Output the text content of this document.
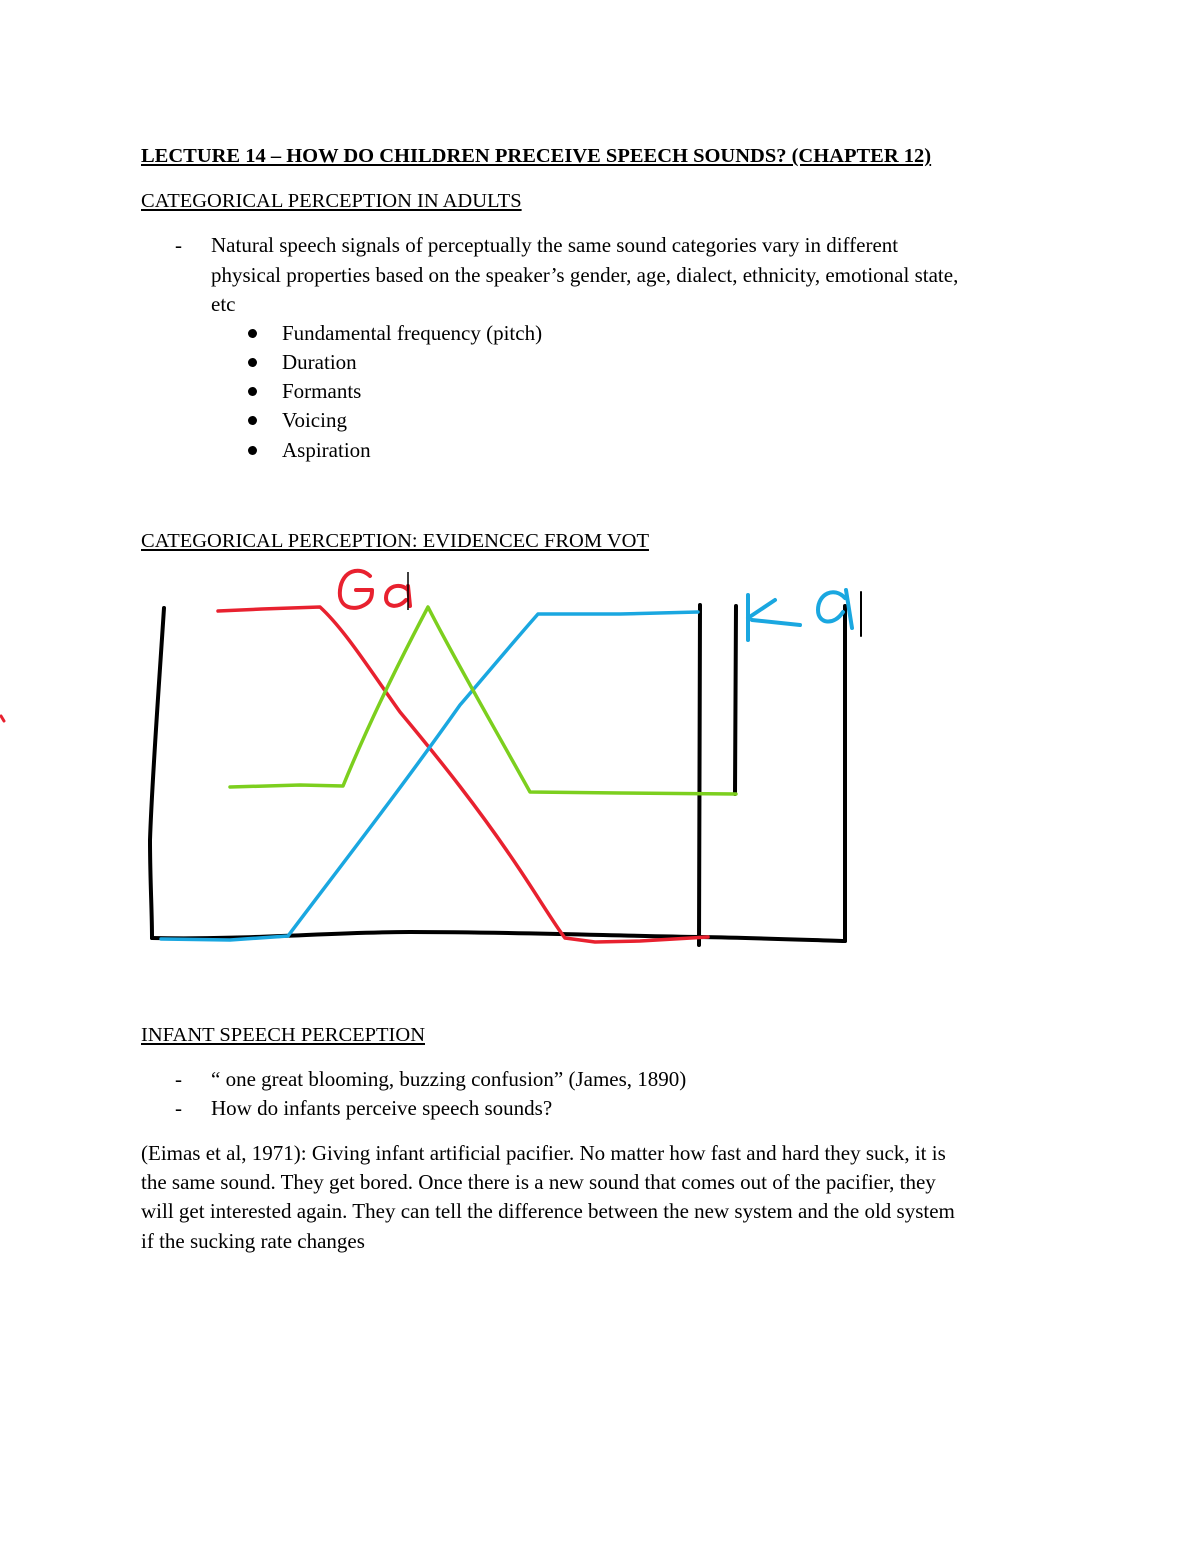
LECTURE 14 – HOW DO CHILDREN PRECEIVE SPEECH SOUNDS? (CHAPTER 12)
CATEGORICAL PERCEPTION IN ADULTS
- Natural speech signals of perceptually the same sound categories vary in different
physical properties based on the speaker’s gender, age, dialect, ethnicity, emotional state,
etc
Fundamental frequency (pitch)
Duration
Formants
Voicing
Aspiration
CATEGORICAL PERCEPTION: EVIDENCEC FROM VOT
INFANT SPEECH PERCEPTION
- “ one great blooming, buzzing confusion” (James, 1890)
- How do infants perceive speech sounds?
(Eimas et al, 1971): Giving infant artificial pacifier. No matter how fast and hard they suck, it is
the same sound. They get bored. Once there is a new sound that comes out of the pacifier, they
will get interested again. They can tell the difference between the new system and the old system
if the sucking rate changes
